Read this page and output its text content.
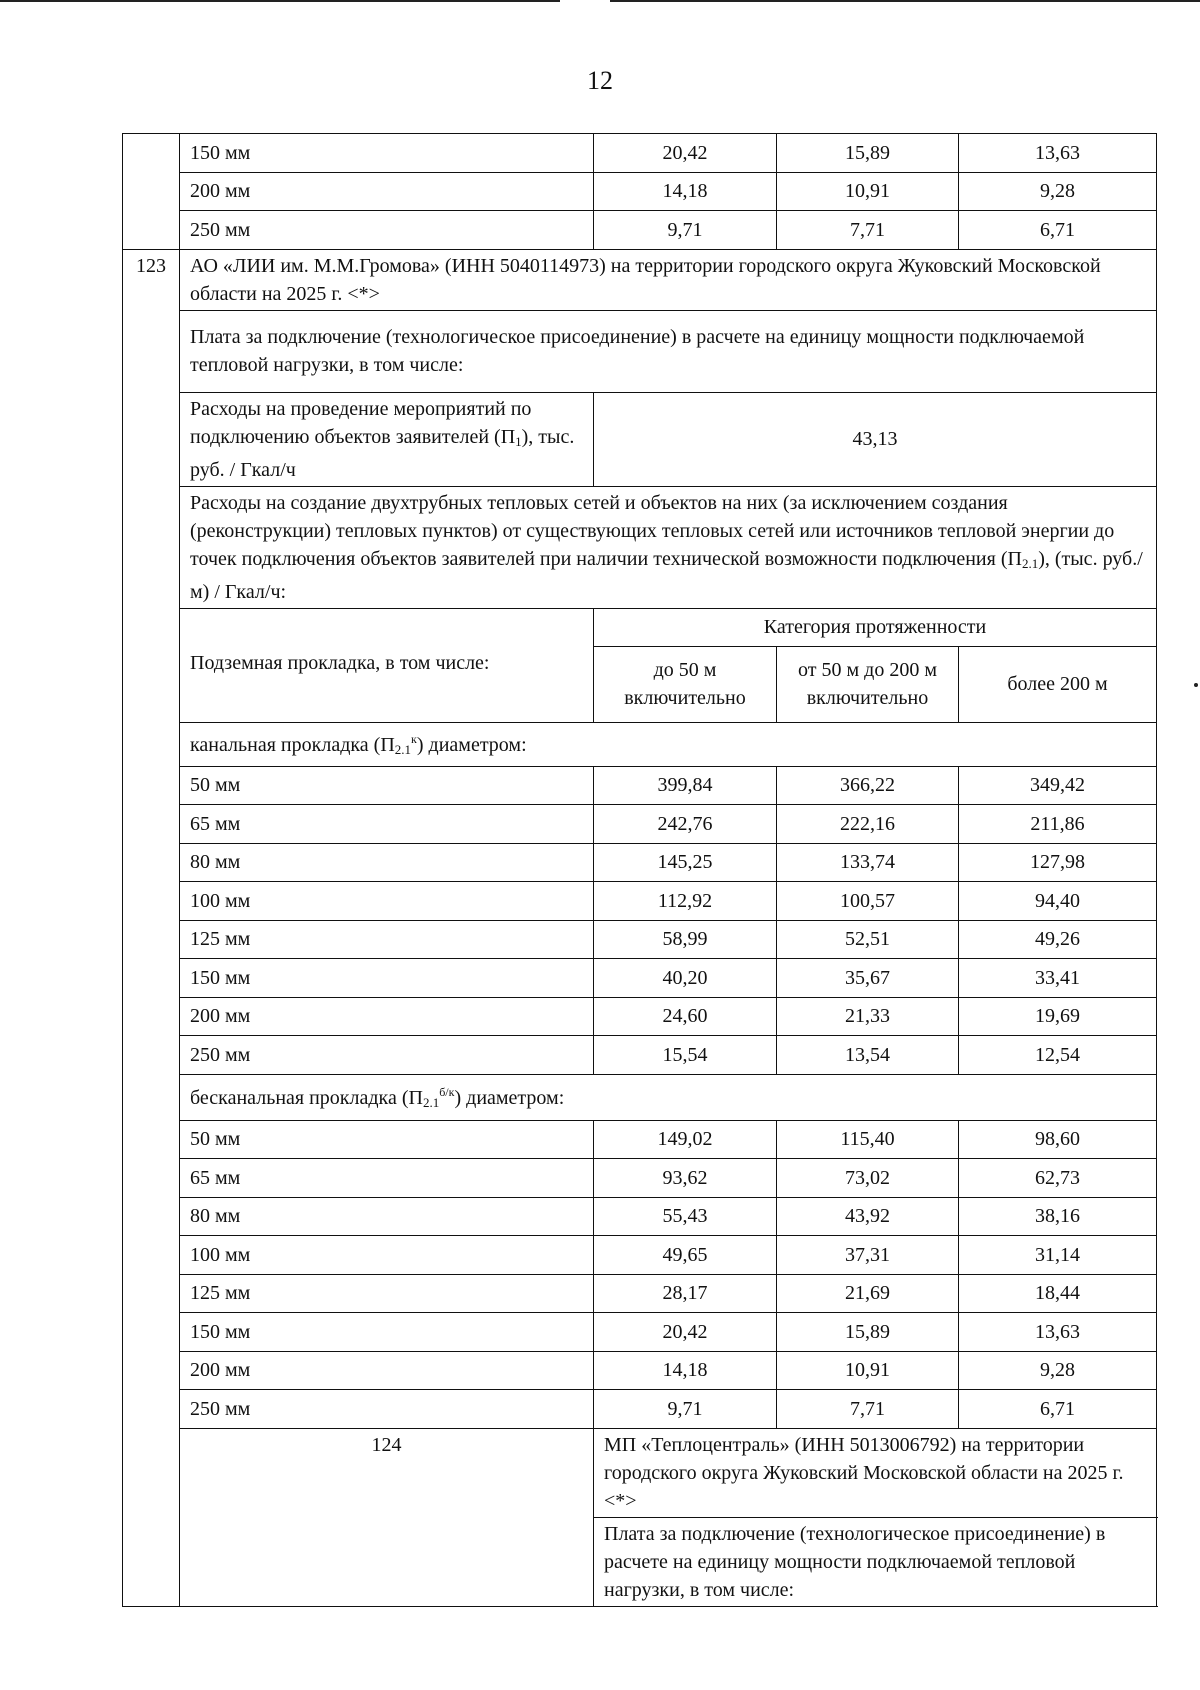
12
	150 мм	20,42	15,89	13,63
	200 мм	14,18	10,91	9,28
	250 мм	9,71	7,71	6,71
123	АО «ЛИИ им. М.М.Громова» (ИНН 5040114973) на территории городского округа Жуковский Московской области на 2025 г. <*>			
	Плата за подключение (технологическое присоединение) в расчете на единицу мощности подключаемой тепловой нагрузки, в том числе:			
	Расходы на проведение мероприятий по подключению объектов заявителей $(П_1)$, тыс. руб. / Гкал/ч	43,13		
	Расходы на создание двухтрубных тепловых сетей и объектов на них (за исключением создания (реконструкции) тепловых пунктов) от существующих тепловых сетей или источников тепловой энергии до точек подключения объектов заявителей при наличии технической возможности подключения $(П_{2.1})$, (тыс. руб./м) / Гкал/ч:			
	Подземная прокладка, в том числе:	Категория протяженности		
		до 50 м включительно	от 50 м до 200 м включительно	более 200 м
	канальная прокладка $(П_{2.1}^к)$ диаметром:			
	50 мм	399,84	366,22	349,42
	65 мм	242,76	222,16	211,86
	80 мм	145,25	133,74	127,98
	100 мм	112,92	100,57	94,40
	125 мм	58,99	52,51	49,26
	150 мм	40,20	35,67	33,41
	200 мм	24,60	21,33	19,69
	250 мм	15,54	13,54	12,54
	бесканальная прокладка $(П_{2.1}^{б/к})$ диаметром:			
	50 мм	149,02	115,40	98,60
	65 мм	93,62	73,02	62,73
	80 мм	55,43	43,92	38,16
	100 мм	49,65	37,31	31,14
	125 мм	28,17	21,69	18,44
	150 мм	20,42	15,89	13,63
	200 мм	14,18	10,91	9,28
	250 мм	9,71	7,71	6,71
	124	МП «Теплоцентраль» (ИНН 5013006792) на территории городского округа Жуковский Московской области на 2025 г. <*>		
		Плата за подключение (технологическое присоединение) в расчете на единицу мощности подключаемой тепловой нагрузки, в том числе:		
